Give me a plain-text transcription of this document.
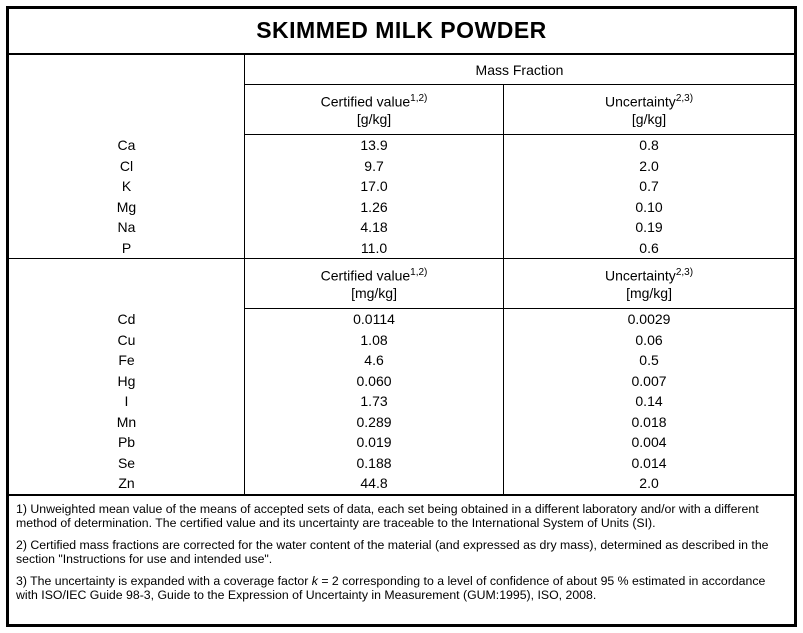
SKIMMED MILK POWDER
	Mass Fraction	

Certified value$^{1,2)}$
[g/kg]

Uncertainty$^{2,3)}$
[g/kg]

Ca	13.9	0.8
Cl	9.7	2.0
K	17.0	0.7
Mg	1.26	0.10
Na	4.18	0.19
P	11.0	0.6

Certified value$^{1,2)}$
[mg/kg]

Uncertainty$^{2,3)}$
[mg/kg]

Cd	0.0114	0.0029
Cu	1.08	0.06
Fe	4.6	0.5
Hg	0.060	0.007
I	1.73	0.14
Mn	0.289	0.018
Pb	0.019	0.004
Se	0.188	0.014
Zn	44.8	2.0

1) Unweighted mean value of the means of accepted sets of data, each set being obtained in a different laboratory and/or with a different method of determination. The certified value and its uncertainty are traceable to the International System of Units (SI).

2) Certified mass fractions are corrected for the water content of the material (and expressed as dry mass), determined as described in the section "Instructions for use and intended use".

3) The uncertainty is expanded with a coverage factor k = 2 corresponding to a level of confidence of about 95 % estimated in accordance with ISO/IEC Guide 98-3, Guide to the Expression of Uncertainty in Measurement (GUM:1995), ISO, 2008.
